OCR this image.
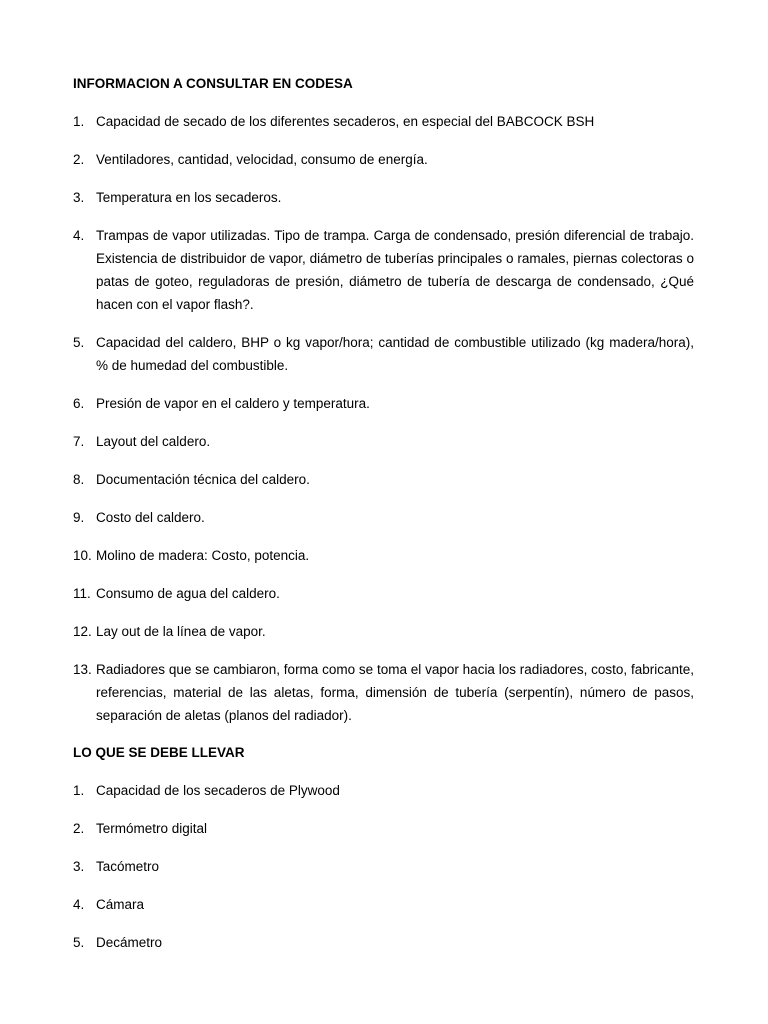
INFORMACION A CONSULTAR EN CODESA

1. Capacidad de secado de los diferentes secaderos, en especial del BABCOCK BSH
2. Ventiladores, cantidad, velocidad, consumo de energía.
3. Temperatura en los secaderos.
4. Trampas de vapor utilizadas. Tipo de trampa. Carga de condensado, presión diferencial de trabajo. Existencia de distribuidor de vapor, diámetro de tuberías principales o ramales, piernas colectoras o patas de goteo, reguladoras de presión, diámetro de tubería de descarga de condensado, ¿Qué hacen con el vapor flash?.
5. Capacidad del caldero, BHP o kg vapor/hora; cantidad de combustible utilizado (kg madera/hora), % de humedad del combustible.
6. Presión de vapor en el caldero y temperatura.
7. Layout del caldero.
8. Documentación técnica del caldero.
9. Costo del caldero.
10. Molino de madera: Costo, potencia.
11. Consumo de agua del caldero.
12. Lay out de la línea de vapor.
13. Radiadores que se cambiaron, forma como se toma el vapor hacia los radiadores, costo, fabricante, referencias, material de las aletas, forma, dimensión de tubería (serpentín), número de pasos, separación de aletas (planos del radiador).

LO QUE SE DEBE LLEVAR

1. Capacidad de los secaderos de Plywood
2. Termómetro digital
3. Tacómetro
4. Cámara
5. Decámetro
